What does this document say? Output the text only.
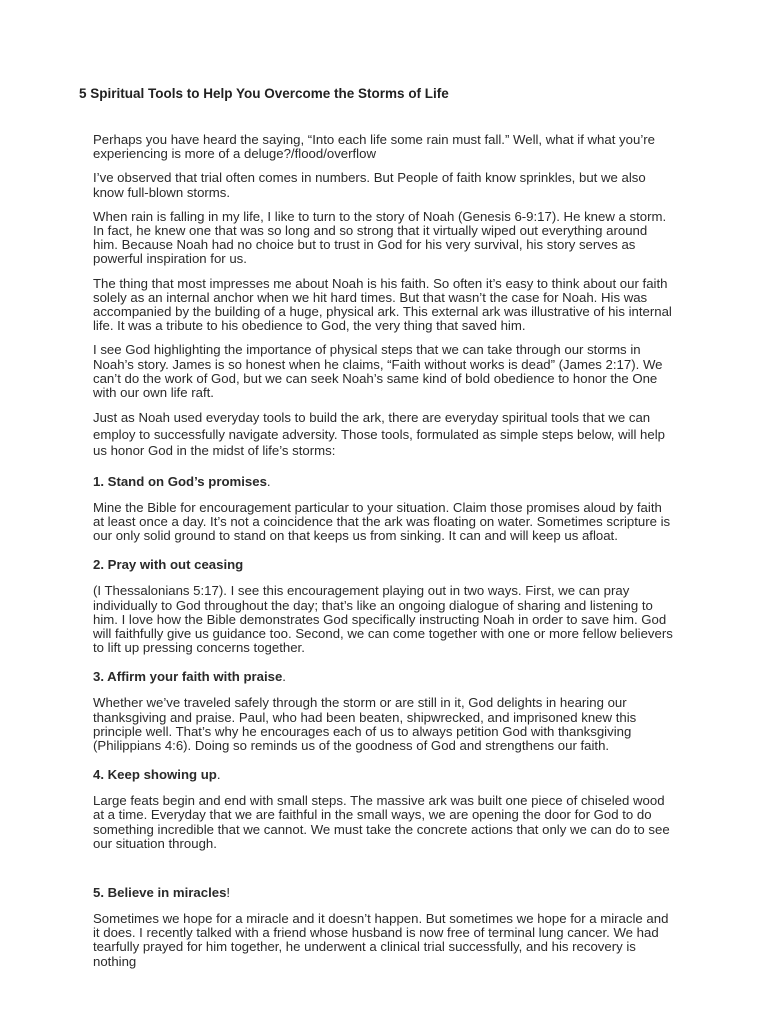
5 Spiritual Tools to Help You Overcome the Storms of Life

Perhaps you have heard the saying, “Into each life some rain must fall.” Well, what if what you’re experiencing is more of a deluge?/flood/overflow

I’ve observed that trial often comes in numbers. But People of faith know sprinkles, but we also know full-blown storms.

When rain is falling in my life, I like to turn to the story of Noah (Genesis 6-9:17). He knew a storm. In fact, he knew one that was so long and so strong that it virtually wiped out everything around him. Because Noah had no choice but to trust in God for his very survival, his story serves as powerful inspiration for us.

The thing that most impresses me about Noah is his faith. So often it’s easy to think about our faith solely as an internal anchor when we hit hard times. But that wasn’t the case for Noah. His was accompanied by the building of a huge, physical ark. This external ark was illustrative of his internal life. It was a tribute to his obedience to God, the very thing that saved him.

I see God highlighting the importance of physical steps that we can take through our storms in Noah’s story. James is so honest when he claims, “Faith without works is dead” (James 2:17). We can’t do the work of God, but we can seek Noah’s same kind of bold obedience to honor the One with our own life raft.

Just as Noah used everyday tools to build the ark, there are everyday spiritual tools that we can employ to successfully navigate adversity. Those tools, formulated as simple steps below, will help us honor God in the midst of life’s storms:

1. Stand on God’s promises.

Mine the Bible for encouragement particular to your situation. Claim those promises aloud by faith at least once a day. It’s not a coincidence that the ark was floating on water. Sometimes scripture is our only solid ground to stand on that keeps us from sinking. It can and will keep us afloat.

2. Pray with out ceasing

(I Thessalonians 5:17). I see this encouragement playing out in two ways. First, we can pray individually to God throughout the day; that’s like an ongoing dialogue of sharing and listening to him. I love how the Bible demonstrates God specifically instructing Noah in order to save him. God will faithfully give us guidance too. Second, we can come together with one or more fellow believers to lift up pressing concerns together.

3. Affirm your faith with praise.

Whether we’ve traveled safely through the storm or are still in it, God delights in hearing our thanksgiving and praise. Paul, who had been beaten, shipwrecked, and imprisoned knew this principle well. That’s why he encourages each of us to always petition God with thanksgiving (Philippians 4:6). Doing so reminds us of the goodness of God and strengthens our faith.

4. Keep showing up.

Large feats begin and end with small steps. The massive ark was built one piece of chiseled wood at a time. Everyday that we are faithful in the small ways, we are opening the door for God to do something incredible that we cannot. We must take the concrete actions that only we can do to see our situation through.

5. Believe in miracles!

Sometimes we hope for a miracle and it doesn’t happen. But sometimes we hope for a miracle and it does. I recently talked with a friend whose husband is now free of terminal lung cancer. We had tearfully prayed for him together, he underwent a clinical trial successfully, and his recovery is nothing
